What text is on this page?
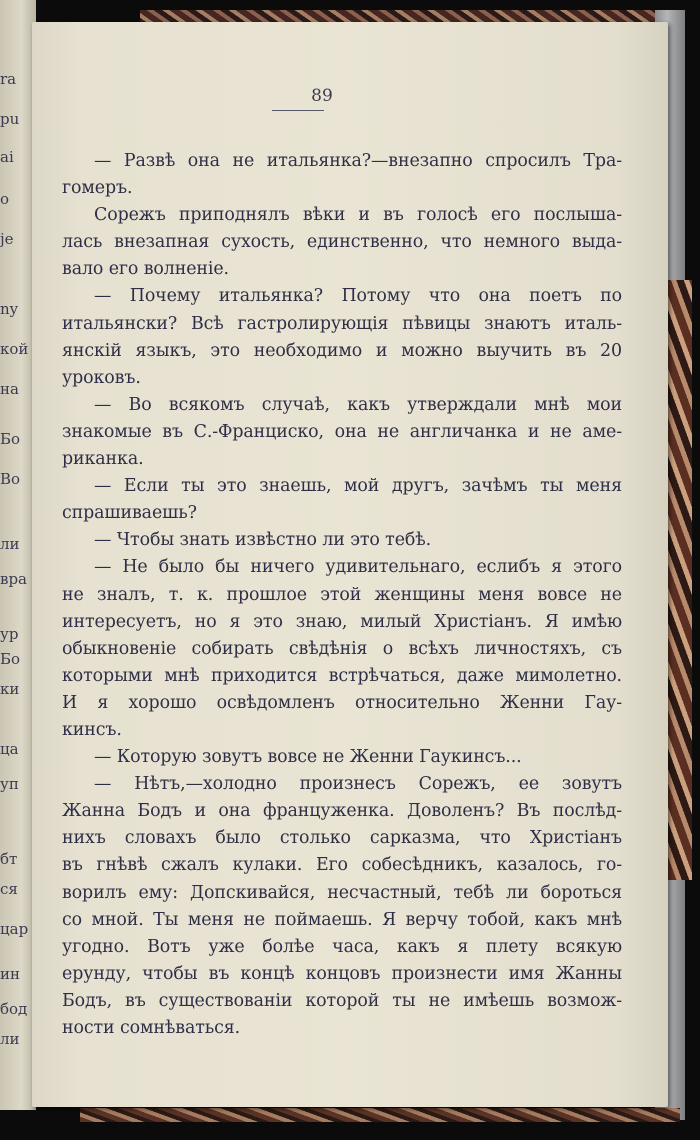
ra
pu
ai
o
je
ny
кой
на
Бо
Bo
ли
вра
ур
Бо
ки
ца
уп
бт
ся
цар
ин
бод
ли
89
— Развѣ она не итальянка?—внезапно спросилъ Тра-
гомеръ.
Сорежъ приподнялъ вѣки и въ голосѣ его послыша-
лась внезапная сухость, единственно, что немного выда-
вало его волненіе.
— Почему итальянка? Потому что она поетъ по
итальянски? Всѣ гастролирующія пѣвицы знаютъ италь-
янскій языкъ, это необходимо и можно выучить въ 20
уроковъ.
— Во всякомъ случаѣ, какъ утверждали мнѣ мои
знакомые въ С.-Франциско, она не англичанка и не аме-
риканка.
— Если ты это знаешь, мой другъ, зачѣмъ ты меня
спрашиваешь?
— Чтобы знать извѣстно ли это тебѣ.
— Не было бы ничего удивительнаго, еслибъ я этого
не зналъ, т. к. прошлое этой женщины меня вовсе не
интересуетъ, но я это знаю, милый Христіанъ. Я имѣю
обыкновеніе собирать свѣдѣнія о всѣхъ личностяхъ, съ
которыми мнѣ приходится встрѣчаться, даже мимолетно.
И я хорошо освѣдомленъ относительно Женни Гау-
кинсъ.
— Которую зовутъ вовсе не Женни Гаукинсъ...
— Нѣтъ,—холодно произнесъ Сорежъ, ее зовутъ
Жанна Бодъ и она француженка. Доволенъ? Въ послѣд-
нихъ словахъ было столько сарказма, что Христіанъ
въ гнѣвѣ сжалъ кулаки. Его собесѣдникъ, казалось, го-
ворилъ ему: Допскивайся, несчастный, тебѣ ли бороться
со мной. Ты меня не поймаешь. Я верчу тобой, какъ мнѣ
угодно. Вотъ уже болѣе часа, какъ я плету всякую
ерунду, чтобы въ концѣ концовъ произнести имя Жанны
Бодъ, въ существованіи которой ты не имѣешь возмож-
ности сомнѣваться.
